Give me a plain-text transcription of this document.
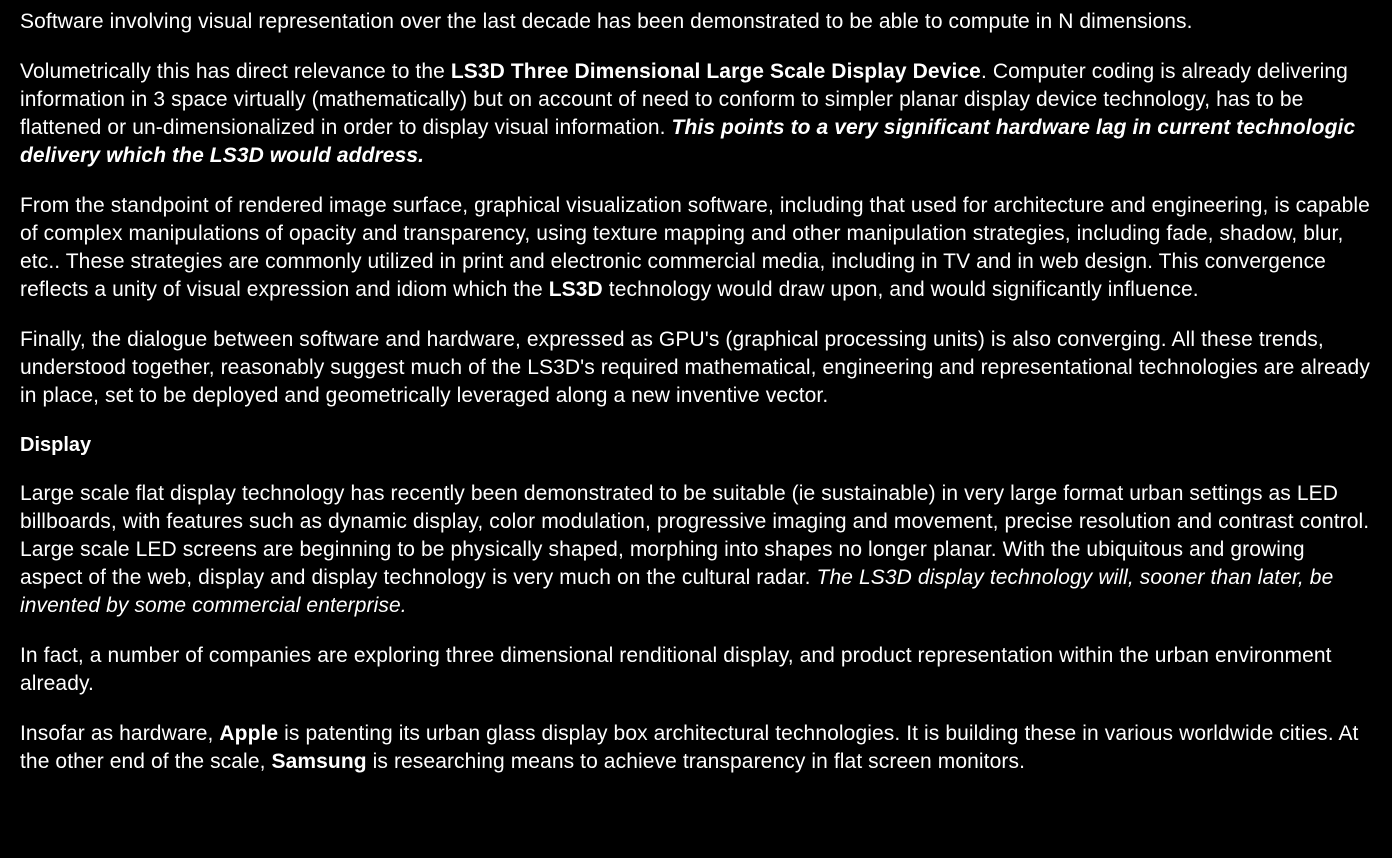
Software involving visual representation over the last decade has been demonstrated to be able to compute in N dimensions.

Volumetrically this has direct relevance to the LS3D Three Dimensional Large Scale Display Device. Computer coding is already delivering information in 3 space virtually (mathematically) but on account of need to conform to simpler planar display device technology, has to be flattened or un-dimensionalized in order to display visual information. This points to a very significant hardware lag in current technologic delivery which the LS3D would address.

From the standpoint of rendered image surface, graphical visualization software, including that used for architecture and engineering, is capable of complex manipulations of opacity and transparency, using texture mapping and other manipulation strategies, including fade, shadow, blur, etc.. These strategies are commonly utilized in print and electronic commercial media, including in TV and in web design. This convergence reflects a unity of visual expression and idiom which the LS3D technology would draw upon, and would significantly influence.

Finally, the dialogue between software and hardware, expressed as GPU's (graphical processing units) is also converging. All these trends, understood together, reasonably suggest much of the LS3D's required mathematical, engineering and representational technologies are already in place, set to be deployed and geometrically leveraged along a new inventive vector.

Display

Large scale flat display technology has recently been demonstrated to be suitable (ie sustainable) in very large format urban settings as LED billboards, with features such as dynamic display, color modulation, progressive imaging and movement, precise resolution and contrast control. Large scale LED screens are beginning to be physically shaped, morphing into shapes no longer planar. With the ubiquitous and growing aspect of the web, display and display technology is very much on the cultural radar. The LS3D display technology will, sooner than later, be invented by some commercial enterprise.

In fact, a number of companies are exploring three dimensional renditional display, and product representation within the urban environment already.

Insofar as hardware, Apple is patenting its urban glass display box architectural technologies. It is building these in various worldwide cities. At the other end of the scale, Samsung is researching means to achieve transparency in flat screen monitors.
